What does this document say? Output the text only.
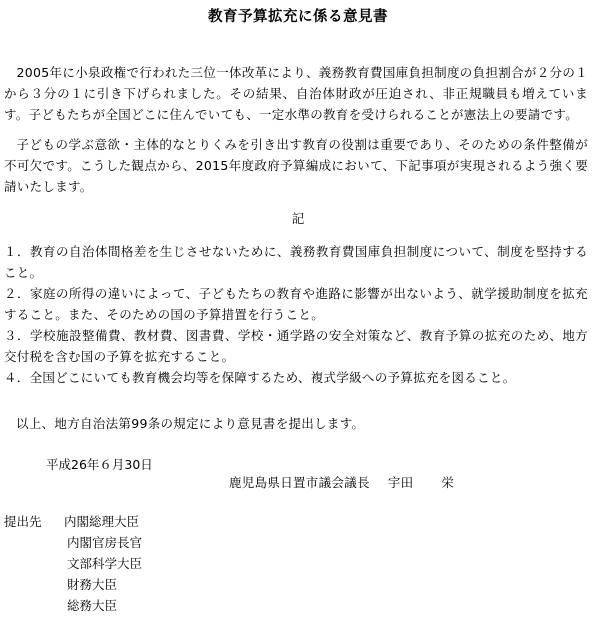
教育予算拡充に係る意見書

2005年に小泉政権で行われた三位一体改革により、義務教育費国庫負担制度の負担割合が２分の１から３分の１に引き下げられました。その結果、自治体財政が圧迫され、非正規職員も増えています。子どもたちが全国どこに住んでいても、一定水準の教育を受けられることが憲法上の要請です。

子どもの学ぶ意欲・主体的なとりくみを引き出す教育の役割は重要であり、そのための条件整備が不可欠です。こうした観点から、2015年度政府予算編成において、下記事項が実現されるよう強く要請いたします。

記
１．教育の自治体間格差を生じさせないために、義務教育費国庫負担制度について、制度を堅持すること。
２．家庭の所得の違いによって、子どもたちの教育や進路に影響が出ないよう、就学援助制度を拡充すること。また、そのための国の予算措置を行うこと。
３．学校施設整備費、教材費、図書費、学校・通学路の安全対策など、教育予算の拡充のため、地方交付税を含む国の予算を拡充すること。
４．全国どこにいても教育機会均等を保障するため、複式学級への予算拡充を図ること。
以上、地方自治法第99条の規定により意見書を提出します。
平成26年６月30日
鹿児島県日置市議会議長 宇田 栄
提出先 内閣総理大臣
内閣官房長官
文部科学大臣
財務大臣
総務大臣
